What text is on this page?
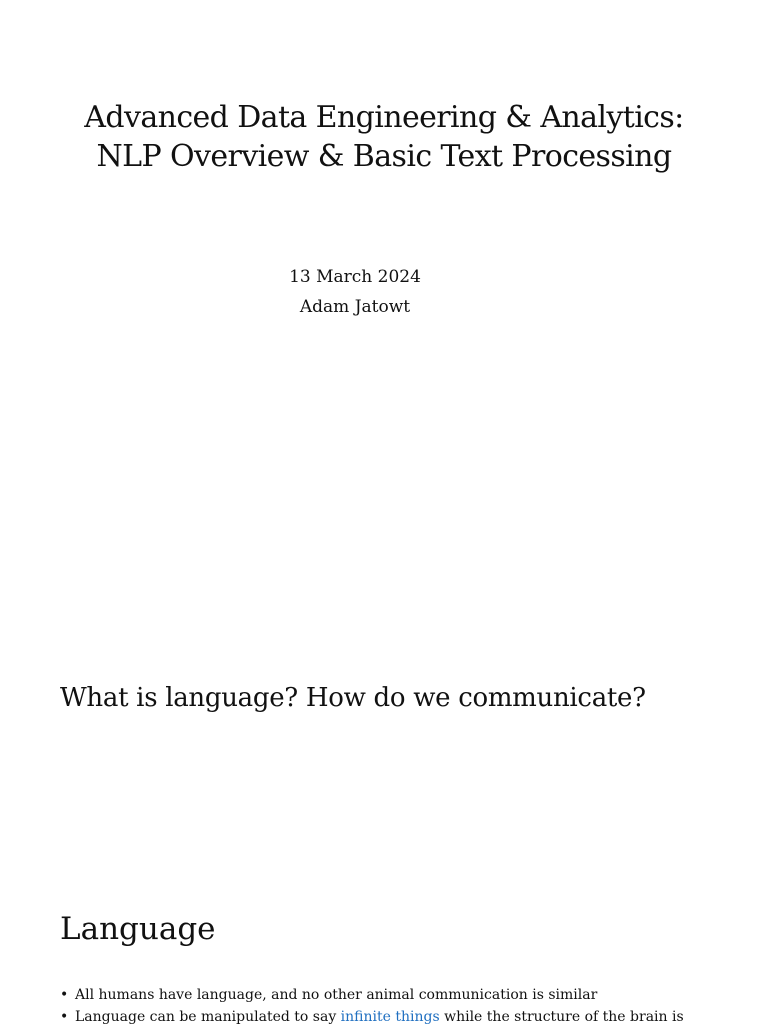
Advanced Data Engineering & Analytics: NLP Overview & Basic Text Processing
13 March 2024
Adam Jatowt
What is language? How do we communicate?
Language
• All humans have language, and no other animal communication is similar
• Language can be manipulated to say infinite things while the structure of the brain is
